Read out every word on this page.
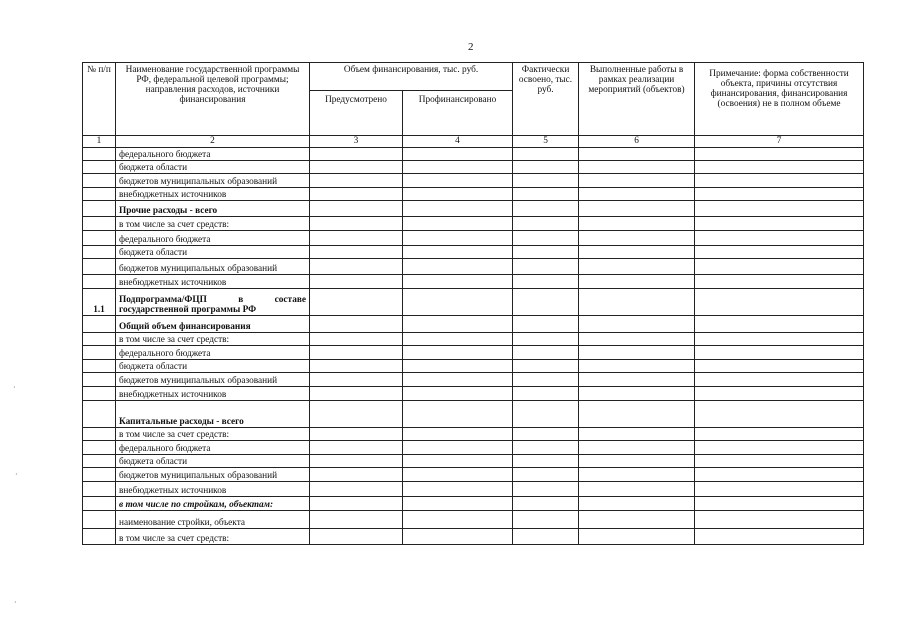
2
№ п/п	Наименование государственной программы РФ, федеральной целевой программы; направления расходов, источники финансирования	Объем финансирования, тыс. руб.		Фактически освоено, тыс. руб.	Выполненные работы в рамках реализации мероприятий (объектов)	Примечание: форма собственности объекта, причины отсутствия финансирования, финансирования (освоения) не в полном объеме
		Предусмотрено	Профинансировано			
1	2	3	4	5	6	7
	федерального бюджета					
	бюджета области					
	бюджетов муниципальных образований					
	внебюджетных источников					
	Прочие расходы - всего					
	в том числе за счет средств:					
	федерального бюджета					
	бюджета области					
	бюджетов муниципальных образований					
	внебюджетных источников					
1.1	Подпрограмма/ФЦП в составе государственной программы РФ					
	Общий объем финансирования					
	в том числе за счет средств:					
	федерального бюджета					
	бюджета области					
	бюджетов муниципальных образований					
	внебюджетных источников					
	Капитальные расходы - всего					
	в том числе за счет средств:					
	федерального бюджета					
	бюджета области					
	бюджетов муниципальных образований					
	внебюджетных источников					
	в том числе по стройкам, объектам:					
	наименование стройки, объекта					
	в том числе за счет средств:					
·
·
·
